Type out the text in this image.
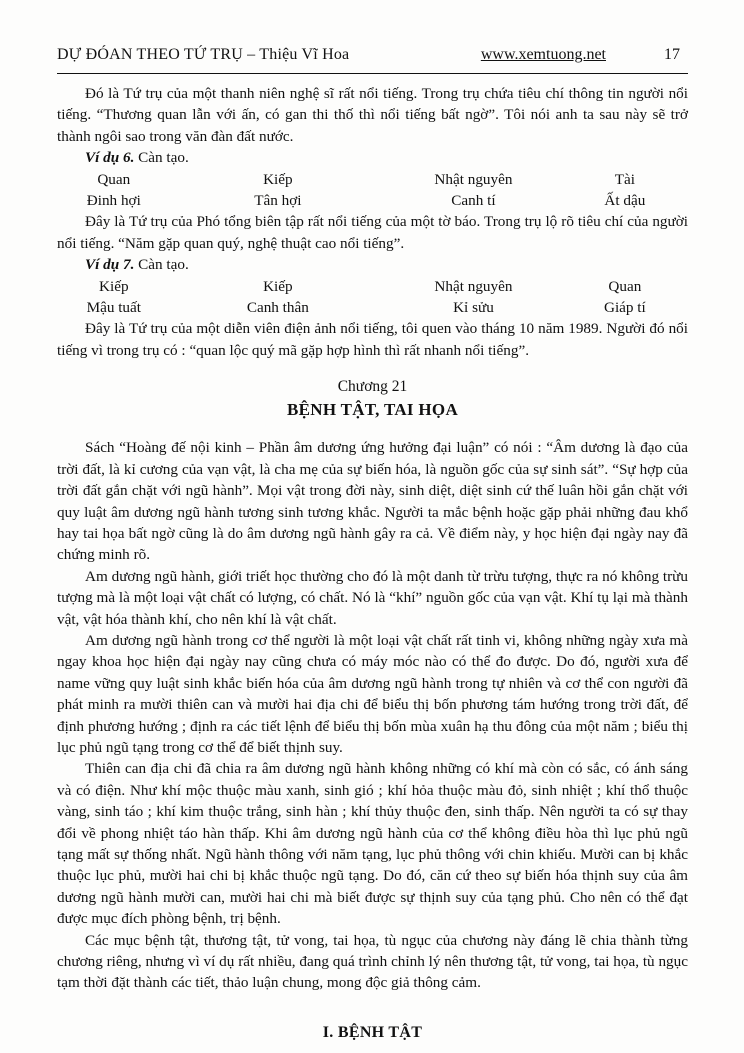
DỰ ĐÓAN THEO TỨ TRỤ – Thiệu Vĩ Hoa	www.xemtuong.net	17

Đó là Tứ trụ của một thanh niên nghệ sĩ rất nổi tiếng. Trong trụ chứa tiêu chí thông tin người nổi tiếng. “Thương quan lẫn với ấn, có gan thi thố thì nổi tiếng bất ngờ”. Tôi nói anh ta sau này sẽ trở thành ngôi sao trong văn đàn đất nước.

Ví dụ 6. Càn tạo.

Quan	Kiếp	Nhật nguyên	Tài
Đinh hợi	Tân hợi	Canh tí	Ất dậu

Đây là Tứ trụ của Phó tổng biên tập rất nổi tiếng của một tờ báo. Trong trụ lộ rõ tiêu chí của người nổi tiếng. “Năm gặp quan quý, nghệ thuật cao nổi tiếng”.

Ví dụ 7. Càn tạo.

Kiếp	Kiếp	Nhật nguyên	Quan
Mậu tuất	Canh thân	Kỉ sửu	Giáp tí

Đây là Tứ trụ của một diễn viên điện ảnh nổi tiếng, tôi quen vào tháng 10 năm 1989. Người đó nổi tiếng vì trong trụ có : “quan lộc quý mã gặp hợp hình thì rất nhanh nổi tiếng”.

Chương 21
BỆNH TẬT, TAI HỌA

Sách “Hoàng đế nội kinh – Phần âm dương ứng hưởng đại luận” có nói : “Âm dương là đạo của trời đất, là kỉ cương của vạn vật, là cha mẹ của sự biến hóa, là nguồn gốc của sự sinh sát”. “Sự hợp của trời đất gắn chặt với ngũ hành”. Mọi vật trong đời này, sinh diệt, diệt sinh cứ thế luân hồi gắn chặt với quy luật âm dương ngũ hành tương sinh tương khắc. Người ta mắc bệnh hoặc gặp phải những đau khổ hay tai họa bất ngờ cũng là do âm dương ngũ hành gây ra cả. Về điểm này, y học hiện đại ngày nay đã chứng minh rõ.

Am dương ngũ hành, giới triết học thường cho đó là một danh từ trừu tượng, thực ra nó không trừu tượng mà là một loại vật chất có lượng, có chất. Nó là “khí” nguồn gốc của vạn vật. Khí tụ lại mà thành vật, vật hóa thành khí, cho nên khí là vật chất.

Am dương ngũ hành trong cơ thể người là một loại vật chất rất tinh vi, không những ngày xưa mà ngay khoa học hiện đại ngày nay cũng chưa có máy móc nào có thể đo được. Do đó, người xưa để name vững quy luật sinh khắc biến hóa của âm dương ngũ hành trong tự nhiên và cơ thể con người đã phát minh ra mười thiên can và mười hai địa chi để biểu thị bốn phương tám hướng trong trời đất, để định phương hướng ; định ra các tiết lệnh để biểu thị bốn mùa xuân hạ thu đông của một năm ; biểu thị lục phủ ngũ tạng trong cơ thể để biết thịnh suy.

Thiên can địa chi đã chia ra âm dương ngũ hành không những có khí mà còn có sắc, có ánh sáng và có điện. Như khí mộc thuộc màu xanh, sinh gió ; khí hỏa thuộc màu đỏ, sinh nhiệt ; khí thổ thuộc vàng, sinh táo ; khí kim thuộc trắng, sinh hàn ; khí thủy thuộc đen, sinh thấp. Nên người ta có sự thay đổi về phong nhiệt táo hàn thấp. Khi âm dương ngũ hành của cơ thể không điều hòa thì lục phủ ngũ tạng mất sự thống nhất. Ngũ hành thông với năm tạng, lục phủ thông với chin khiếu. Mười can bị khắc thuộc lục phủ, mười hai chi bị khắc thuộc ngũ tạng. Do đó, căn cứ theo sự biến hóa thịnh suy của âm dương ngũ hành mười can, mười hai chi mà biết được sự thịnh suy của tạng phủ. Cho nên có thể đạt được mục đích phòng bệnh, trị bệnh.

Các mục bệnh tật, thương tật, tử vong, tai họa, tù ngục của chương này đáng lẽ chia thành từng chương riêng, nhưng vì ví dụ rất nhiều, đang quá trình chỉnh lý nên thương tật, tử vong, tai họa, tù ngục tạm thời đặt thành các tiết, thảo luận chung, mong độc giả thông cảm.

I. BỆNH TẬT
